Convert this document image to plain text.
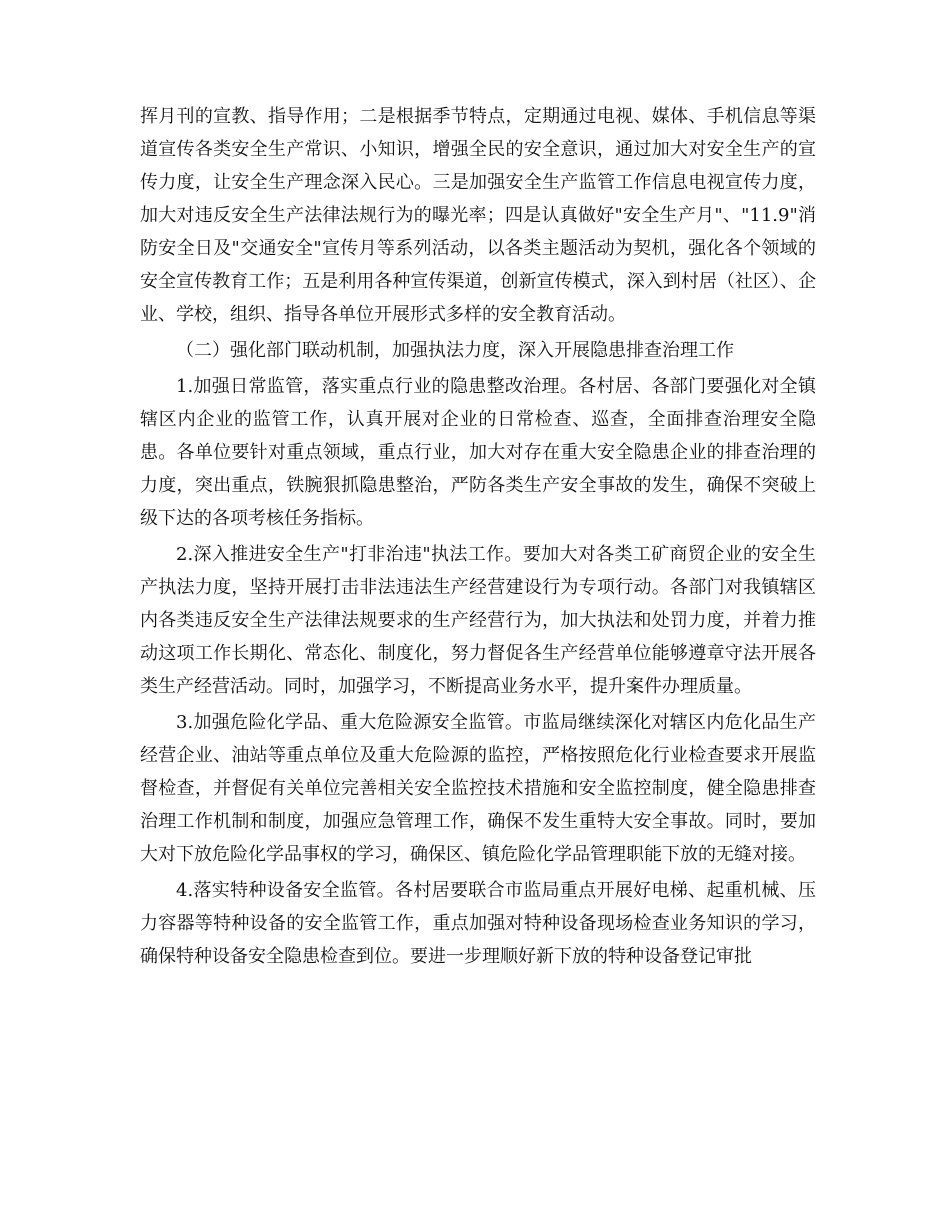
挥月刊的宣教、指导作用；二是根据季节特点，定期通过电视、媒体、手机信息等渠道宣传各类安全生产常识、小知识，增强全民的安全意识，通过加大对安全生产的宣传力度，让安全生产理念深入民心。三是加强安全生产监管工作信息电视宣传力度，加大对违反安全生产法律法规行为的曝光率；四是认真做好"安全生产月"、"11.9"消防安全日及"交通安全"宣传月等系列活动，以各类主题活动为契机，强化各个领域的安全宣传教育工作；五是利用各种宣传渠道，创新宣传模式，深入到村居（社区）、企业、学校，组织、指导各单位开展形式多样的安全教育活动。

（二）强化部门联动机制，加强执法力度，深入开展隐患排查治理工作

1.加强日常监管，落实重点行业的隐患整改治理。各村居、各部门要强化对全镇辖区内企业的监管工作，认真开展对企业的日常检查、巡查，全面排查治理安全隐患。各单位要针对重点领域，重点行业，加大对存在重大安全隐患企业的排查治理的力度，突出重点，铁腕狠抓隐患整治，严防各类生产安全事故的发生，确保不突破上级下达的各项考核任务指标。

2.深入推进安全生产"打非治违"执法工作。要加大对各类工矿商贸企业的安全生产执法力度，坚持开展打击非法违法生产经营建设行为专项行动。各部门对我镇辖区内各类违反安全生产法律法规要求的生产经营行为，加大执法和处罚力度，并着力推动这项工作长期化、常态化、制度化，努力督促各生产经营单位能够遵章守法开展各类生产经营活动。同时，加强学习，不断提高业务水平，提升案件办理质量。

3.加强危险化学品、重大危险源安全监管。市监局继续深化对辖区内危化品生产经营企业、油站等重点单位及重大危险源的监控，严格按照危化行业检查要求开展监督检查，并督促有关单位完善相关安全监控技术措施和安全监控制度，健全隐患排查治理工作机制和制度，加强应急管理工作，确保不发生重特大安全事故。同时，要加大对下放危险化学品事权的学习，确保区、镇危险化学品管理职能下放的无缝对接。

4.落实特种设备安全监管。各村居要联合市监局重点开展好电梯、起重机械、压力容器等特种设备的安全监管工作，重点加强对特种设备现场检查业务知识的学习，确保特种设备安全隐患检查到位。要进一步理顺好新下放的特种设备登记审批
